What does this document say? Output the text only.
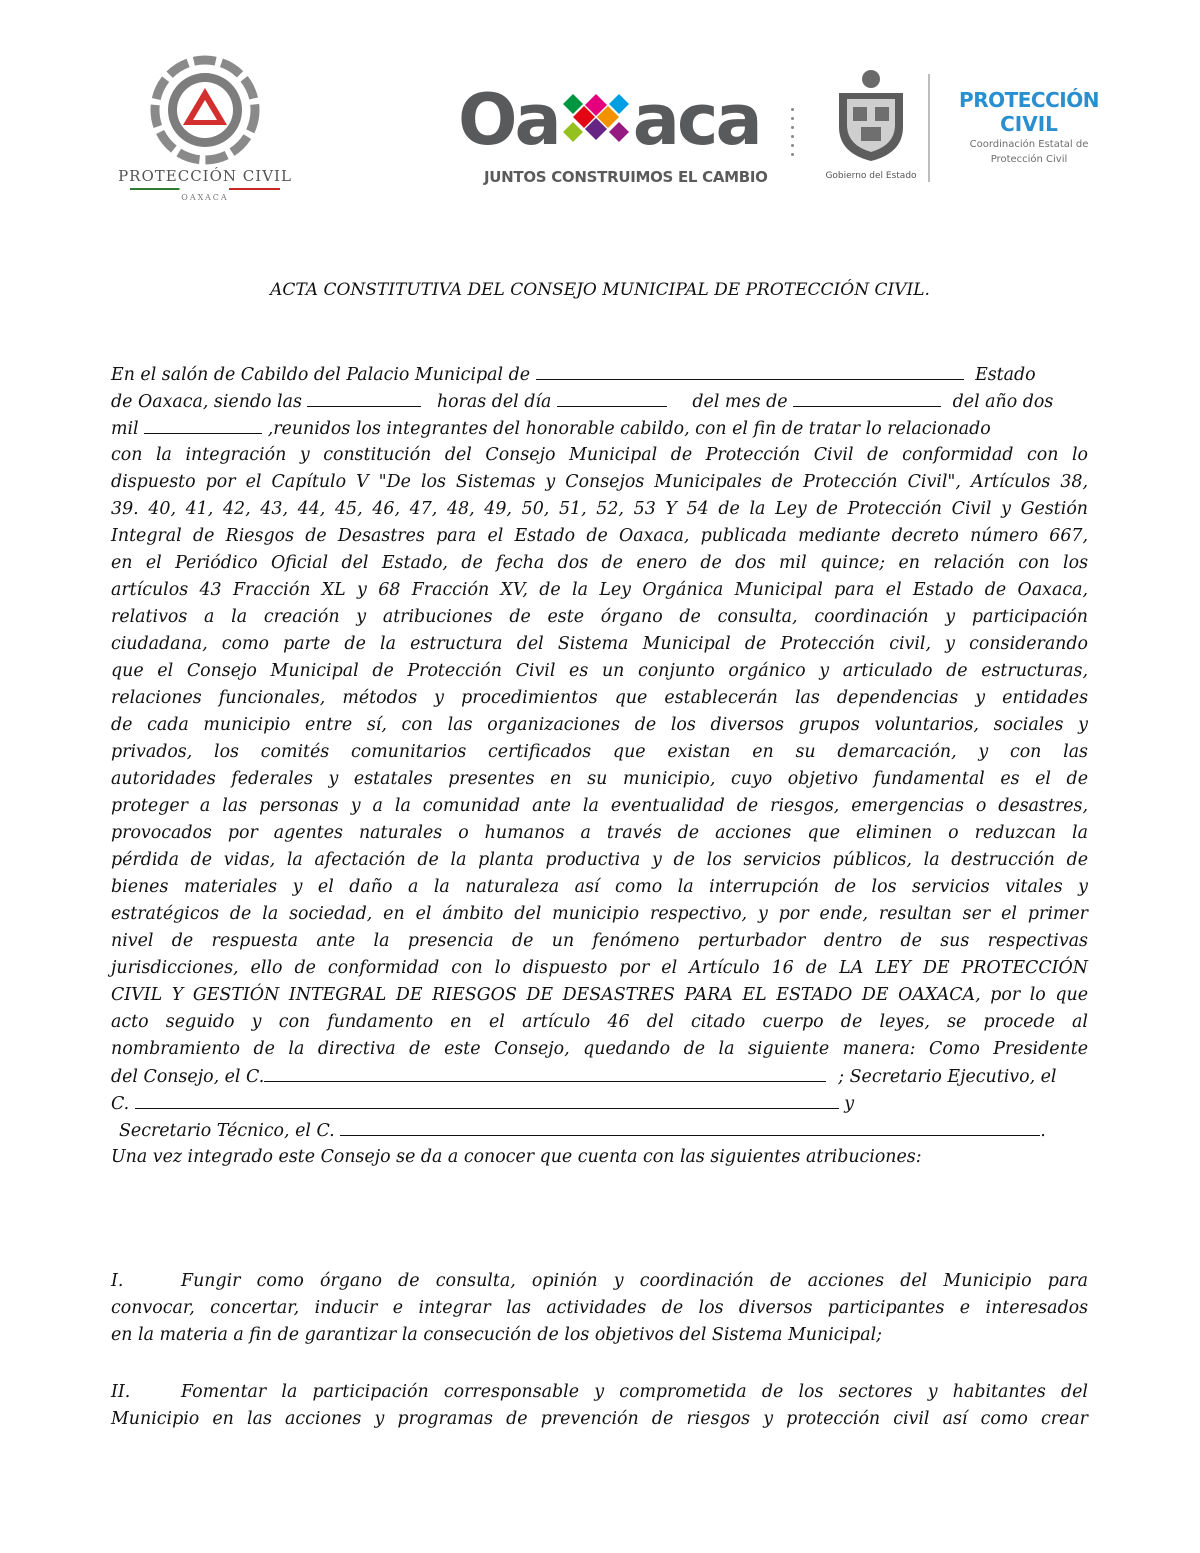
PROTECCIÓN CIVIL
OAXACA
Oa aca
JUNTOS CONSTRUIMOS EL CAMBIO	Gobierno del Estado
PROTECCIÓN
CIVIL
Coordinación Estatal de
Protección Civil
ACTA CONSTITUTIVA DEL CONSEJO MUNICIPAL DE PROTECCIÓN CIVIL.
En el salón de Cabildo del Palacio Municipal de	Estado
de Oaxaca, siendo las	horas del día	del mes de	del año dos
mil	,reunidos los integrantes del honorable cabildo, con el fin de tratar lo relacionado
con la integración y constitución del Consejo Municipal de Protección Civil de conformidad con lo
dispuesto por el Capítulo V "De los Sistemas y Consejos Municipales de Protección Civil", Artículos 38,
39. 40, 41, 42, 43, 44, 45, 46, 47, 48, 49, 50, 51, 52, 53 Y 54 de la Ley de Protección Civil y Gestión
Integral de Riesgos de Desastres para el Estado de Oaxaca, publicada mediante decreto número 667,
en el Periódico Oficial del Estado, de fecha dos de enero de dos mil quince; en relación con los
artículos 43 Fracción XL y 68 Fracción XV, de la Ley Orgánica Municipal para el Estado de Oaxaca,
relativos a la creación y atribuciones de este órgano de consulta, coordinación y participación
ciudadana, como parte de la estructura del Sistema Municipal de Protección civil, y considerando
que el Consejo Municipal de Protección Civil es un conjunto orgánico y articulado de estructuras,
relaciones funcionales, métodos y procedimientos que establecerán las dependencias y entidades
de cada municipio entre sí, con las organizaciones de los diversos grupos voluntarios, sociales y
privados, los comités comunitarios certificados que existan en su demarcación, y con las
autoridades federales y estatales presentes en su municipio, cuyo objetivo fundamental es el de
proteger a las personas y a la comunidad ante la eventualidad de riesgos, emergencias o desastres,
provocados por agentes naturales o humanos a través de acciones que eliminen o reduzcan la
pérdida de vidas, la afectación de la planta productiva y de los servicios públicos, la destrucción de
bienes materiales y el daño a la naturaleza así como la interrupción de los servicios vitales y
estratégicos de la sociedad, en el ámbito del municipio respectivo, y por ende, resultan ser el primer
nivel de respuesta ante la presencia de un fenómeno perturbador dentro de sus respectivas
jurisdicciones, ello de conformidad con lo dispuesto por el Artículo 16 de LA LEY DE PROTECCIÓN
CIVIL Y GESTIÓN INTEGRAL DE RIESGOS DE DESASTRES PARA EL ESTADO DE OAXACA, por lo que
acto seguido y con fundamento en el artículo 46 del citado cuerpo de leyes, se procede al
nombramiento de la directiva de este Consejo, quedando de la siguiente manera: Como Presidente
del Consejo, el C.	; Secretario Ejecutivo, el
C.	y
Secretario Técnico, el C.	.
Una vez integrado este Consejo se da a conocer que cuenta con las siguientes atribuciones:
I.	Fungir como órgano de consulta, opinión y coordinación de acciones del Municipio para
convocar, concertar, inducir e integrar las actividades de los diversos participantes e interesados
en la materia a fin de garantizar la consecución de los objetivos del Sistema Municipal;
II.	Fomentar la participación corresponsable y comprometida de los sectores y habitantes del
Municipio en las acciones y programas de prevención de riesgos y protección civil así como crear
